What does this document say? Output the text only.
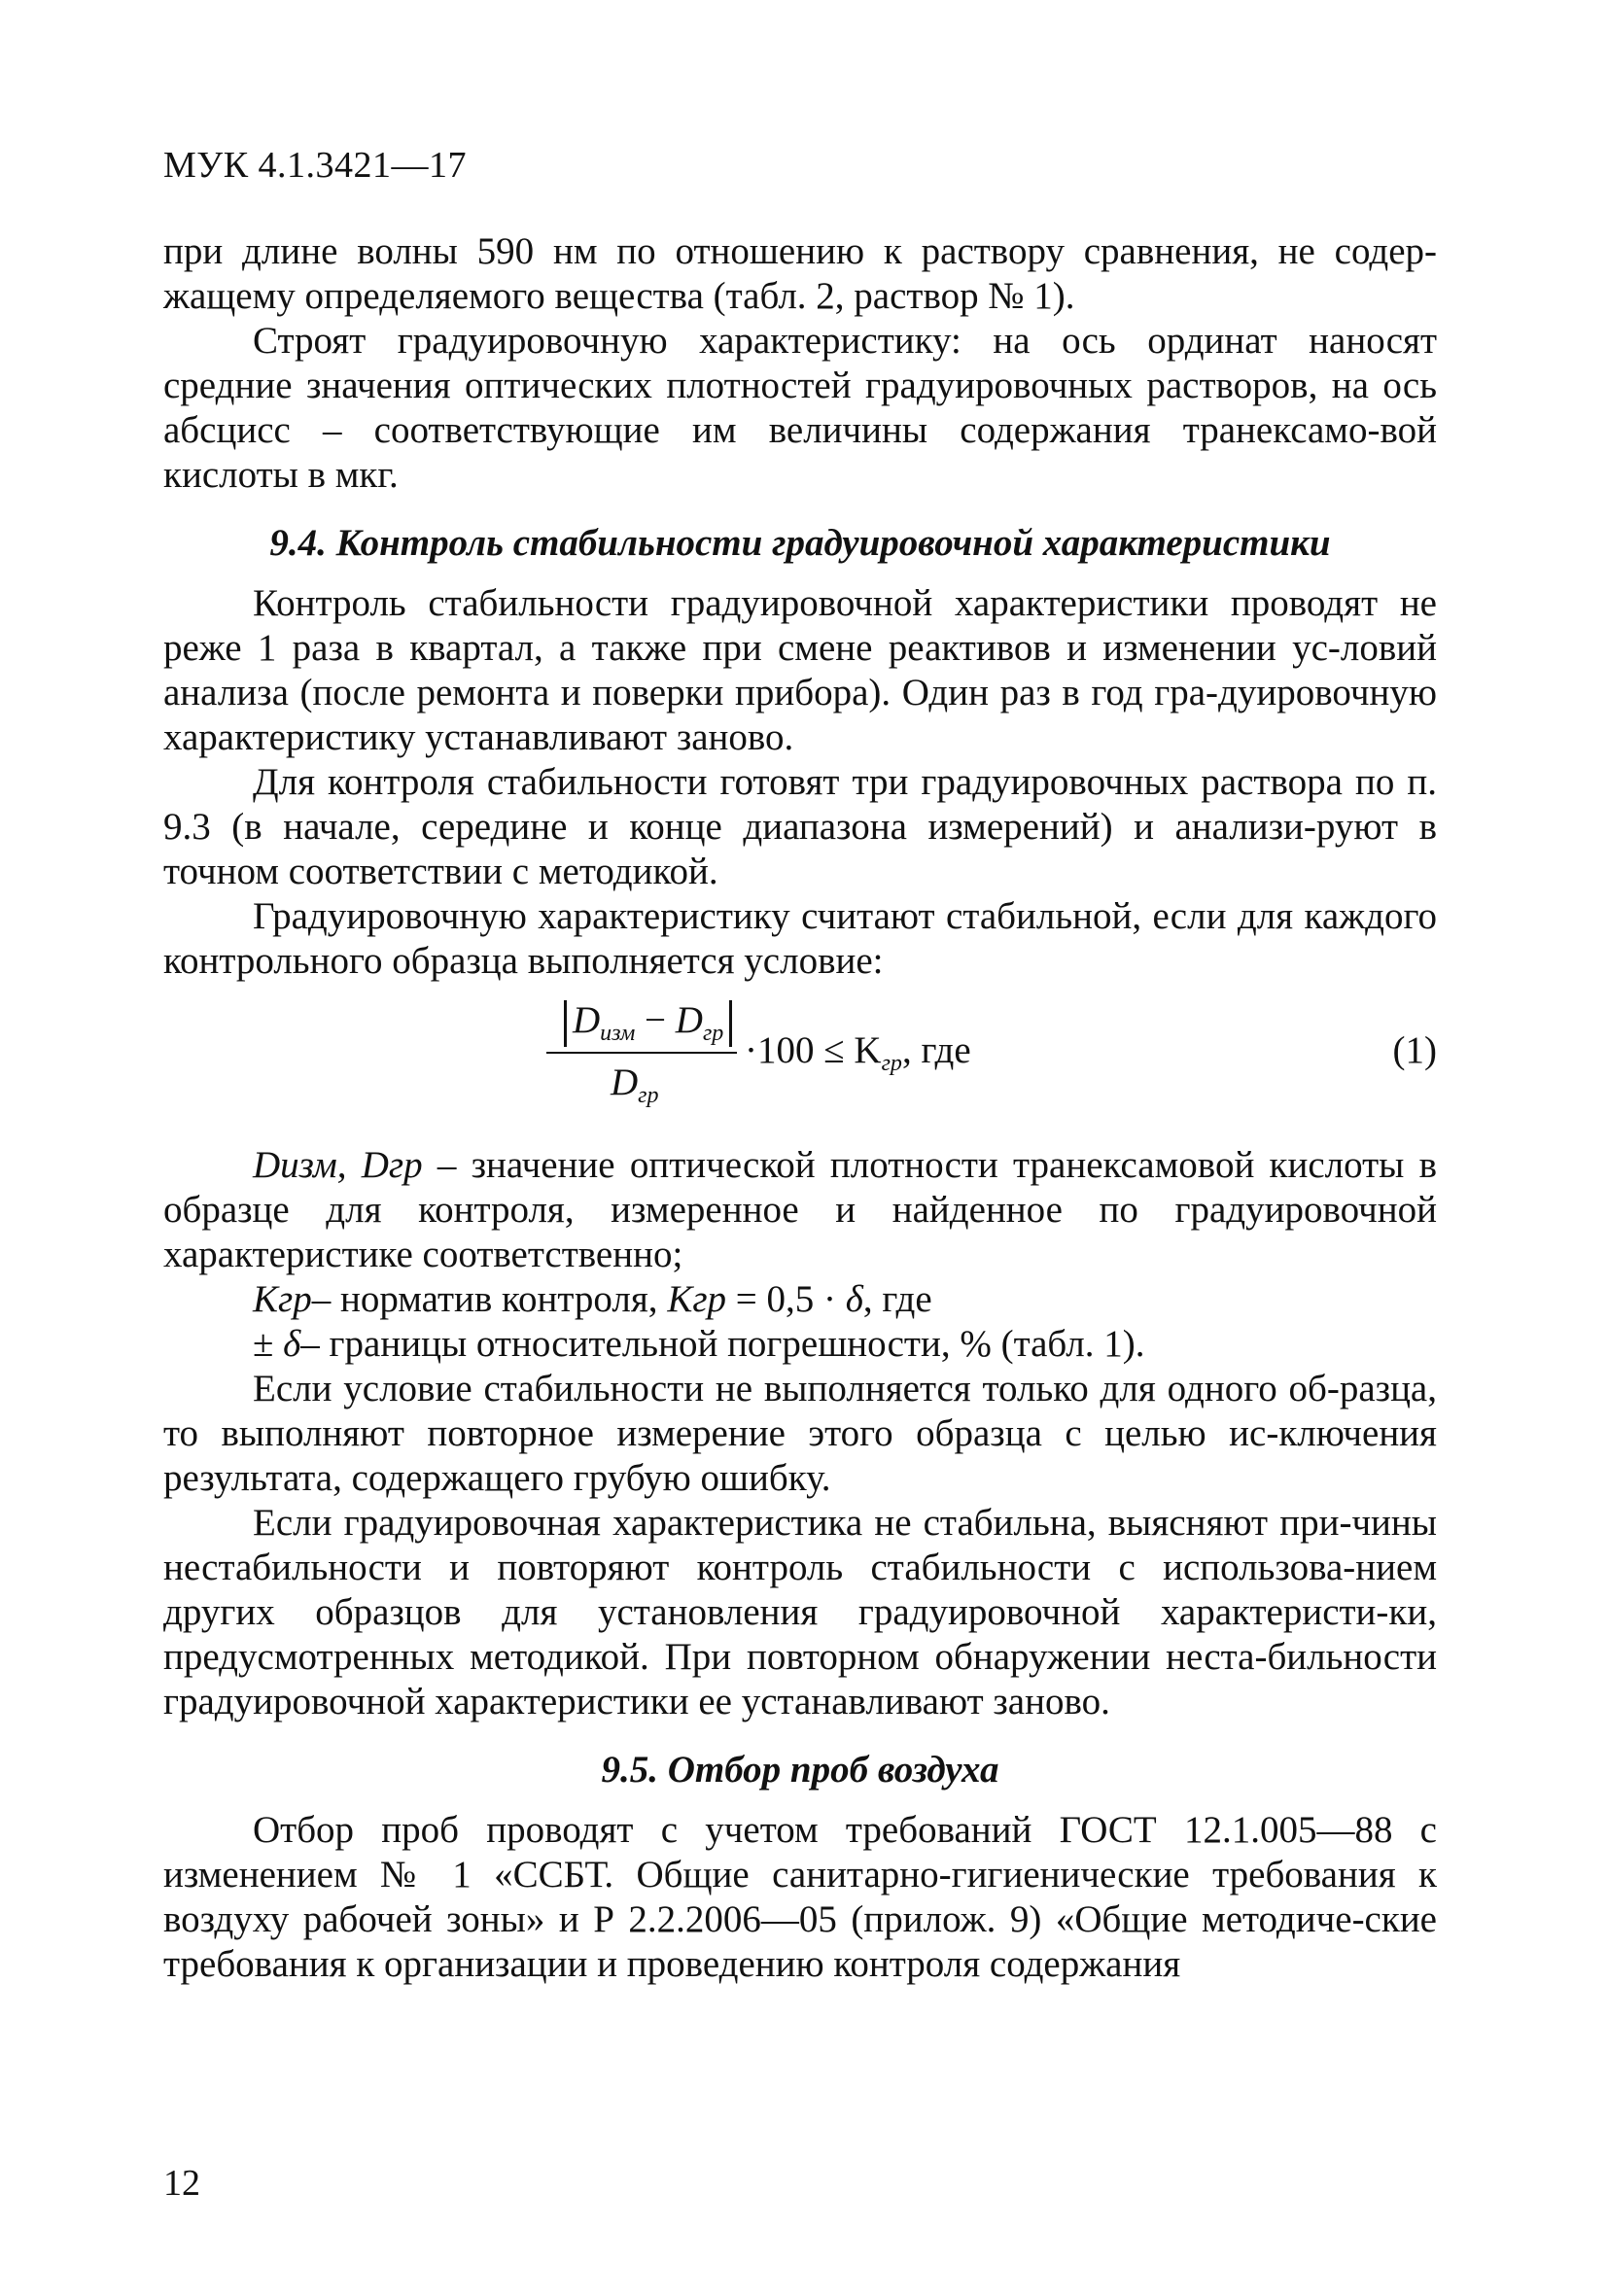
МУК 4.1.3421—17

при длине волны 590 нм по отношению к раствору сравнения, не содер-жащему определяемого вещества (табл. 2, раствор № 1).

Строят градуировочную характеристику: на ось ординат наносят средние значения оптических плотностей градуировочных растворов, на ось абсцисс – соответствующие им величины содержания транексамо-вой кислоты в мкг.

9.4. Контроль стабильности градуировочной характеристики

Контроль стабильности градуировочной характеристики проводят не реже 1 раза в квартал, а также при смене реактивов и изменении ус-ловий анализа (после ремонта и поверки прибора). Один раз в год гра-дуировочную характеристику устанавливают заново.

Для контроля стабильности готовят три градуировочных раствора по п. 9.3 (в начале, середине и конце диапазона измерений) и анализи-руют в точном соответствии с методикой.

Градуировочную характеристику считают стабильной, если для каждого контрольного образца выполняется условие:

$D_{изм} - D_{гр}$
$D_{гр}$
$\cdot 100 \le K_{гр}$, где	(1)

Dизм, Dгр – значение оптической плотности транексамовой кислоты в образце для контроля, измеренное и найденное по градуировочной характеристике соответственно;

Kгр– норматив контроля, Kгр = 0,5 · δ, где

± δ– границы относительной погрешности, % (табл. 1).

Если условие стабильности не выполняется только для одного об-разца, то выполняют повторное измерение этого образца с целью ис-ключения результата, содержащего грубую ошибку.

Если градуировочная характеристика не стабильна, выясняют при-чины нестабильности и повторяют контроль стабильности с использова-нием других образцов для установления градуировочной характеристи-ки, предусмотренных методикой. При повторном обнаружении неста-бильности градуировочной характеристики ее устанавливают заново.

9.5. Отбор проб воздуха

Отбор проб проводят с учетом требований ГОСТ 12.1.005—88 с изменением № 1 «ССБТ. Общие санитарно-гигиенические требования к воздуху рабочей зоны» и Р 2.2.2006—05 (прилож. 9) «Общие методиче-ские требования к организации и проведению контроля содержания

12
